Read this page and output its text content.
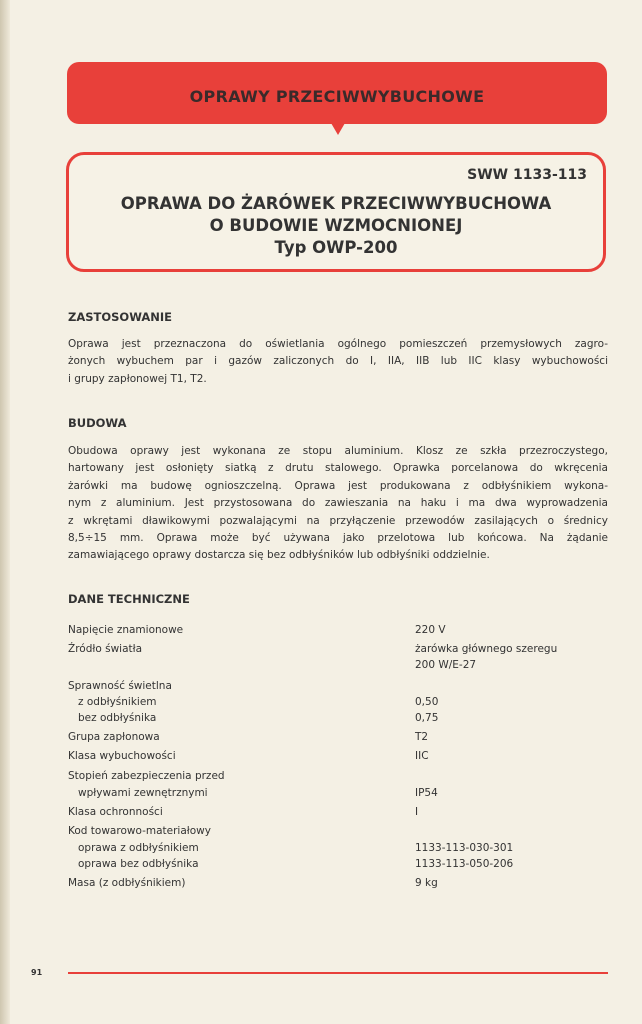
OPRAWY PRZECIWWYBUCHOWE
SWW 1133-113
OPRAWA DO ŻARÓWEK PRZECIWWYBUCHOWA
O BUDOWIE WZMOCNIONEJ
Typ OWP-200
ZASTOSOWANIE
Oprawa jest przeznaczona do oświetlania ogólnego pomieszczeń przemysłowych zagro-
żonych wybuchem par i gazów zaliczonych do I, IIA, IIB lub IIC klasy wybuchowości
i grupy zapłonowej T1, T2.
BUDOWA
Obudowa oprawy jest wykonana ze stopu aluminium. Klosz ze szkła przezroczystego,
hartowany jest osłonięty siatką z drutu stalowego. Oprawka porcelanowa do wkręcenia
żarówki ma budowę ognioszczelną. Oprawa jest produkowana z odbłyśnikiem wykona-
nym z aluminium. Jest przystosowana do zawieszania na haku i ma dwa wyprowadzenia
z wkrętami dławikowymi pozwalającymi na przyłączenie przewodów zasilających o średnicy
8,5÷15 mm. Oprawa może być używana jako przelotowa lub końcowa. Na żądanie
zamawiającego oprawy dostarcza się bez odbłyśników lub odbłyśniki oddzielnie.
DANE TECHNICZNE
Napięcie znamionowe	220 V
Źródło światła	żarówka głównego szeregu
200 W/E-27
Sprawność świetlna
z odbłyśnikiem	0,50
bez odbłyśnika	0,75
Grupa zapłonowa	T2
Klasa wybuchowości	IIC
Stopień zabezpieczenia przed
wpływami zewnętrznymi	IP54
Klasa ochronności	I
Kod towarowo-materiałowy
oprawa z odbłyśnikiem	1133-113-030-301
oprawa bez odbłyśnika	1133-113-050-206
Masa (z odbłyśnikiem)	9 kg
91
